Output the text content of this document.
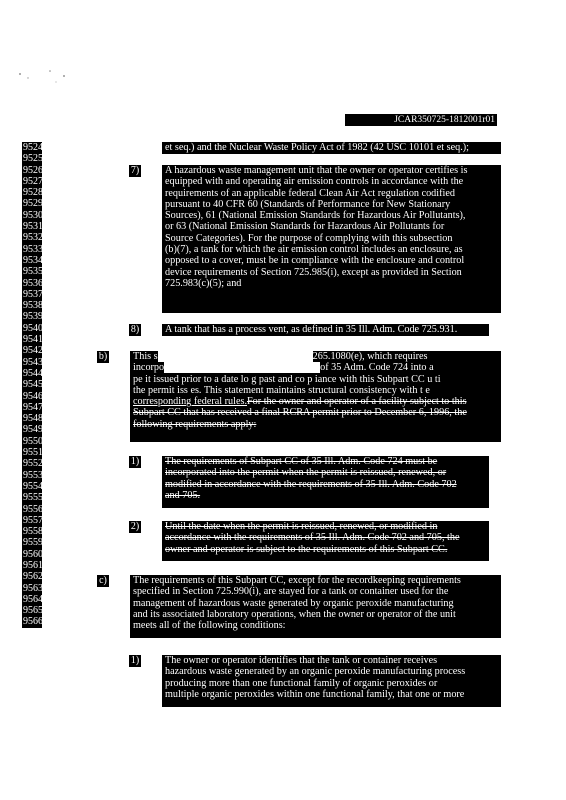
JCAR350725-1812001r01
9524
9525
9526
9527
9528
9529
9530
9531
9532
9533
9534
9535
9536
9537
9538
9539
9540
9541
9542
9543
9544
9545
9546
9547
9548
9549
9550
9551
9552
9553
9554
9555
9556
9557
9558
9559
9560
9561
9562
9563
9564
9565
9566

et seq.) and the Nuclear Waste Policy Act of 1982 (42 USC 10101 et seq.);

7)	A hazardous waste management unit that the owner or operator certifies is

equipped with and operating air emission controls in accordance with the

requirements of an applicable federal Clean Air Act regulation codified

pursuant to 40 CFR 60 (Standards of Performance for New Stationary

Sources), 61 (National Emission Standards for Hazardous Air Pollutants),

or 63 (National Emission Standards for Hazardous Air Pollutants for

Source Categories). For the purpose of complying with this subsection

(b)(7), a tank for which the air emission control includes an enclosure, as

opposed to a cover, must be in compliance with the enclosure and control

device requirements of Section 725.985(i), except as provided in Section

725.983(c)(5); and

8)	A tank that has a process vent, as defined in 35 Ill. Adm. Code 725.931.

b)	This s	265.1080(e), which requires

incorpo	of 35 Adm. Code 724 into a

pe it issued prior to a date lo g past and co p iance with this Subpart CC u ti

the permit iss es. This statement maintains structural consistency with t e

corresponding federal rules.For the owner and operator of a facility subject to this

Subpart CC that has received a final RCRA permit prior to December 6, 1996, the

following requirements apply:

1)	The requirements of Subpart CC of 35 Ill. Adm. Code 724 must be

incorporated into the permit when the permit is reissued, renewed, or

modified in accordance with the requirements of 35 Ill. Adm. Code 702

and 705.

2)	Until the date when the permit is reissued, renewed, or modified in

accordance with the requirements of 35 Ill. Adm. Code 702 and 705, the

owner and operator is subject to the requirements of this Subpart CC.

c)	The requirements of this Subpart CC, except for the recordkeeping requirements

specified in Section 725.990(i), are stayed for a tank or container used for the

management of hazardous waste generated by organic peroxide manufacturing

and its associated laboratory operations, when the owner or operator of the unit

meets all of the following conditions:

1)	The owner or operator identifies that the tank or container receives

hazardous waste generated by an organic peroxide manufacturing process

producing more than one functional family of organic peroxides or

multiple organic peroxides within one functional family, that one or more
